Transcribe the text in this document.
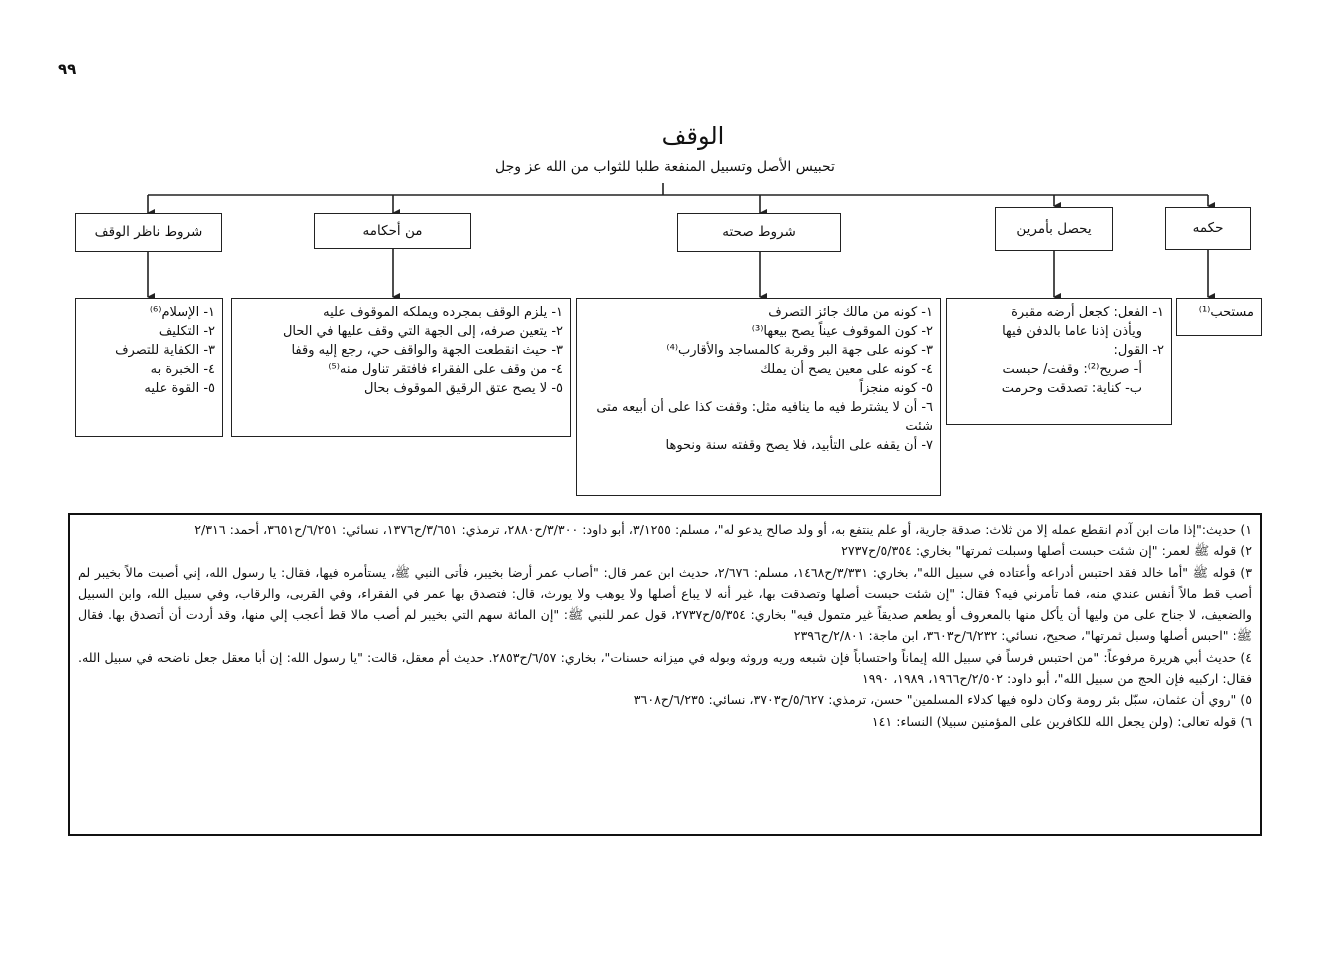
٩٩
الوقف
تحبيس الأصل وتسبيل المنفعة طلبا للثواب من الله عز وجل
حكمه
يحصل بأمرين
شروط صحته
من أحكامه
شروط ناظر الوقف
مستحب⁽¹⁾
١- الفعل: كجعل أرضه مقبرة
ويأذن إذنا عاما بالدفن فيها
٢- القول:
أ- صريح⁽²⁾: وقفت/ حبست
ب- كناية: تصدقت وحرمت
١- كونه من مالك جائز التصرف
٢- كون الموقوف عيناً يصح بيعها⁽³⁾
٣- كونه على جهة البر وقربة كالمساجد والأقارب⁽⁴⁾
٤- كونه على معين يصح أن يملك
٥- كونه منجزاً
٦- أن لا يشترط فيه ما ينافيه مثل: وقفت كذا على أن أبيعه متى شئت
٧- أن يقفه على التأبيد، فلا يصح وقفته سنة ونحوها
١- يلزم الوقف بمجرده ويملكه الموقوف عليه
٢- يتعين صرفه، إلى الجهة التي وقف عليها في الحال
٣- حيث انقطعت الجهة والواقف حي، رجع إليه وقفا
٤- من وقف على الفقراء فافتقر تناول منه⁽⁵⁾
٥- لا يصح عتق الرقيق الموقوف بحال
١- الإسلام⁽⁶⁾
٢- التكليف
٣- الكفاية للتصرف
٤- الخبرة به
٥- القوة عليه

١) حديث:"إذا مات ابن آدم انقطع عمله إلا من ثلاث: صدقة جارية، أو علم ينتفع به، أو ولد صالح يدعو له"، مسلم: ٣/١٢٥٥، أبو داود: ٣/٣٠٠/ح٢٨٨٠، ترمذي: ٣/٦٥١/ح١٣٧٦، نسائي: ٦/٢٥١/ح٣٦٥١، أحمد: ٢/٣١٦

٢) قوله ﷺ لعمر: "إن شئت حبست أصلها وسبلت ثمرتها" بخاري: ٥/٣٥٤/ح٢٧٣٧

٣) قوله ﷺ "أما خالد فقد احتبس أدراعه وأعتاده في سبيل الله"، بخاري: ٣/٣٣١/ح١٤٦٨، مسلم: ٢/٦٧٦، حديث ابن عمر قال: "أصاب عمر أرضا بخيبر، فأتى النبي ﷺ، يستأمره فيها، فقال: يا رسول الله، إني أصبت مالاً بخيبر لم أصب قط مالاً أنفس عندي منه، فما تأمرني فيه؟ فقال: "إن شئت حبست أصلها وتصدقت بها، غير أنه لا يباع أصلها ولا يوهب ولا يورث، قال: فتصدق بها عمر في الفقراء، وفي القربى، والرقاب، وفي سبيل الله، وابن السبيل والضعيف، لا جناح على من وليها أن يأكل منها بالمعروف أو يطعم صديقاً غير متمول فيه" بخاري: ٥/٣٥٤/ح٢٧٣٧، قول عمر للنبي ﷺ: "إن المائة سهم التي بخيبر لم أصب مالا قط أعجب إلي منها، وقد أردت أن أتصدق بها. فقال ﷺ: "احبس أصلها وسبل ثمرتها"، صحيح، نسائي: ٦/٢٣٢/ح٣٦٠٣، ابن ماجة: ٢/٨٠١/ح٢٣٩٦

٤) حديث أبي هريرة مرفوعاً: "من احتبس فرساً في سبيل الله إيماناً واحتساباً فإن شبعه وريه وروثه وبوله في ميزانه حسنات"، بخاري: ٦/٥٧/ح٢٨٥٣. حديث أم معقل، قالت: "يا رسول الله: إن أبا معقل جعل ناضحه في سبيل الله. فقال: اركبيه فإن الحج من سبيل الله"، أبو داود: ٢/٥٠٢/ح١٩٦٦، ١٩٨٩، ١٩٩٠

٥) "روي أن عثمان، سبّل بئر رومة وكان دلوه فيها كدلاء المسلمين" حسن، ترمذي: ٥/٦٢٧/ح٣٧٠٣، نسائي: ٦/٢٣٥/ح٣٦٠٨

٦) قوله تعالى: (ولن يجعل الله للكافرين على المؤمنين سبيلا) النساء: ١٤١
